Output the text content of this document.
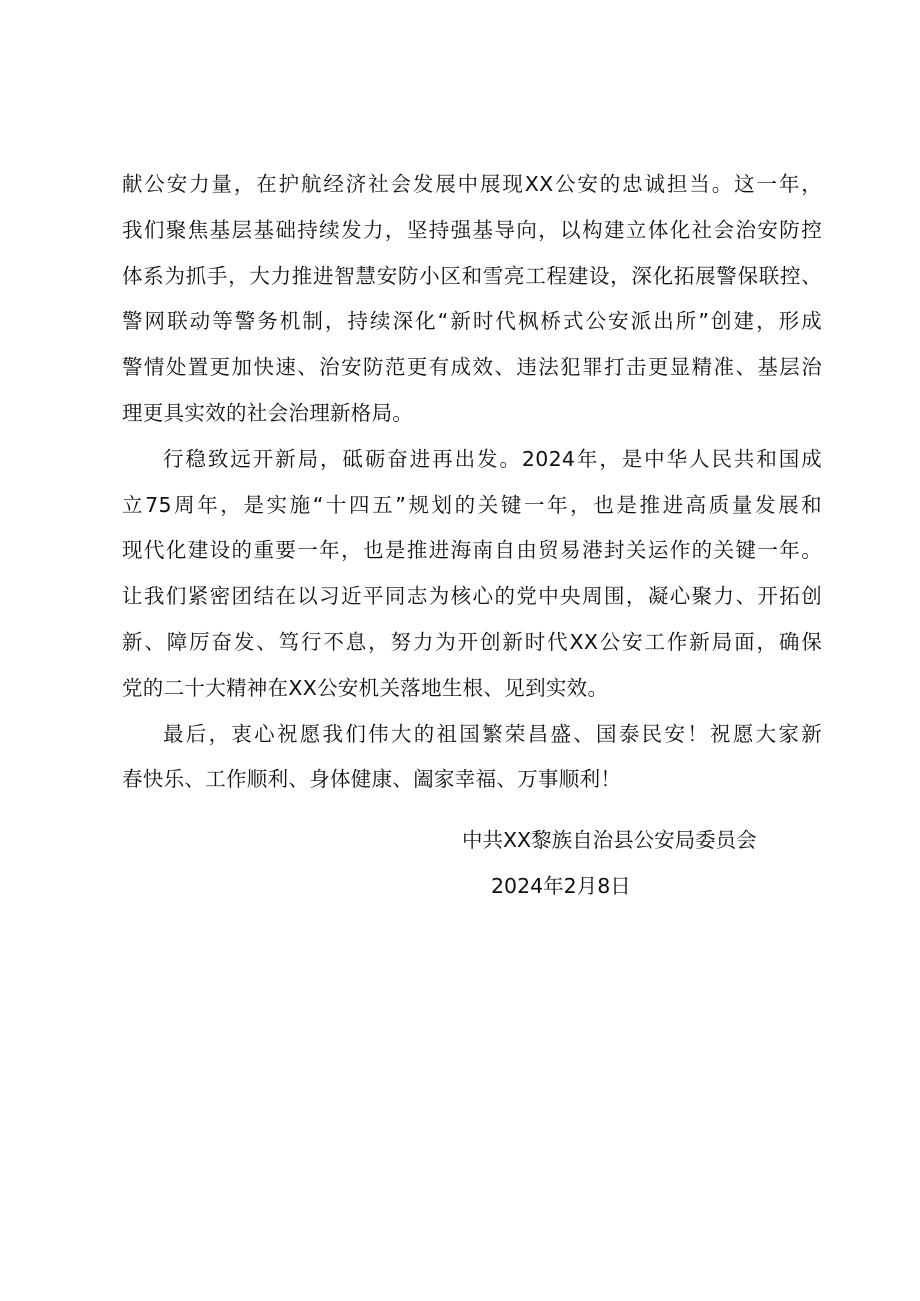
献公安力量，在护航经济社会发展中展现XX公安的忠诚担当。这一年，
我们聚焦基层基础持续发力，坚持强基导向，以构建立体化社会治安防控
体系为抓手，大力推进智慧安防小区和雪亮工程建设，深化拓展警保联控、
警网联动等警务机制，持续深化“新时代枫桥式公安派出所”创建，形成
警情处置更加快速、治安防范更有成效、违法犯罪打击更显精准、基层治
理更具实效的社会治理新格局。
行稳致远开新局，砥砺奋进再出发。2024年，是中华人民共和国成
立75周年，是实施“十四五”规划的关键一年，也是推进高质量发展和
现代化建设的重要一年，也是推进海南自由贸易港封关运作的关键一年。
让我们紧密团结在以习近平同志为核心的党中央周围，凝心聚力、开拓创
新、障厉奋发、笃行不息，努力为开创新时代XX公安工作新局面，确保
党的二十大精神在XX公安机关落地生根、见到实效。
最后，衷心祝愿我们伟大的祖国繁荣昌盛、国泰民安！祝愿大家新
春快乐、工作顺利、身体健康、阖家幸福、万事顺利！
中共XX黎族自治县公安局委员会
2024年2月8日
